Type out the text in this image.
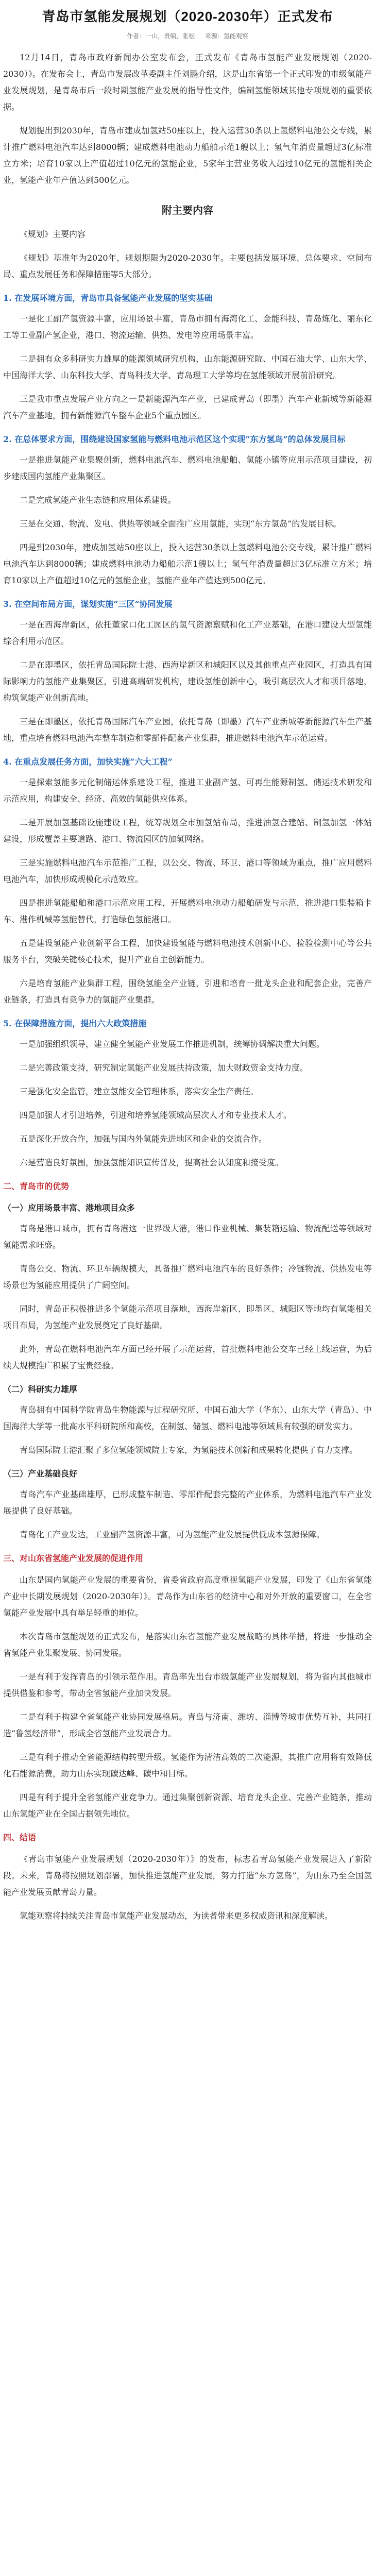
青岛市氢能发展规划（2020-2030年）正式发布
作者：一山，贵编，张松 来源：氢能观察

12月14日，青岛市政府新闻办公室发布会，正式发布《青岛市氢能产业发展规划（2020-2030）》。在发布会上，青岛市发展改革委副主任刘鹏介绍，这是山东省第一个正式印发的市级氢能产业发展规划，是青岛市后一段时期氢能产业发展的指导性文件，编制氢能领域其他专项规划的重要依据。

规划提出到2030年，青岛市建成加氢站50座以上，投入运营30条以上氢燃料电池公交专线，累计推广燃料电池汽车达到8000辆；建成燃料电池动力船舶示范1艘以上；氢气年消费量超过3亿标准立方米；培育10家以上产值超过10亿元的氢能企业，5家年主营业务收入超过10亿元的氢能相关企业，氢能产业年产值达到500亿元。

附主要内容

《规划》主要内容

《规划》基准年为2020年，规划期限为2020-2030年。主要包括发展环境、总体要求、空间布局、重点发展任务和保障措施等5大部分。

1. 在发展环境方面，青岛市具备氢能产业发展的坚实基础

一是化工副产氢资源丰富，应用场景丰富，青岛市拥有海湾化工、金能科技、青岛炼化、丽东化工等工业副产氢企业，港口、物流运输、供热、发电等应用场景丰富。

二是拥有众多科研实力雄厚的能源领域研究机构，山东能源研究院、中国石油大学、山东大学、中国海洋大学、山东科技大学、青岛科技大学、青岛理工大学等均在氢能领域开展前沿研究。

三是我市重点发展产业方向之一是新能源汽车产业，已建成青岛（即墨）汽车产业新城等新能源汽车产业基地，拥有新能源汽车整车企业5个重点园区。

2. 在总体要求方面，围绕建设国家氢能与燃料电池示范区这个实现“东方氢岛”的总体发展目标

一是推进氢能产业集聚创新，燃料电池汽车、燃料电池船舶、氢能小镇等应用示范项目建设，初步建成国内氢能产业集聚区。

二是完成氢能产业生态链和应用体系建设。

三是在交通、物流、发电、供热等领域全面推广应用氢能，实现“东方氢岛”的发展目标。

四是到2030年，建成加氢站50座以上，投入运营30条以上氢燃料电池公交专线，累计推广燃料电池汽车达到8000辆；建成燃料电池动力船舶示范1艘以上；氢气年消费量超过3亿标准立方米；培育10家以上产值超过10亿元的氢能企业，氢能产业年产值达到500亿元。

3. 在空间布局方面，谋划实施“三区”协同发展

一是在西海岸新区，依托董家口化工园区的氢气资源禀赋和化工产业基础，在港口建设大型氢能综合利用示范区。

二是在即墨区，依托青岛国际院士港、西海岸新区和城阳区以及其他重点产业园区，打造具有国际影响力的氢能产业集聚区，引进高端研发机构，建设氢能创新中心，吸引高层次人才和项目落地，构筑氢能产业创新高地。

三是在即墨区，依托青岛国际汽车产业园，依托青岛（即墨）汽车产业新城等新能源汽车生产基地，重点培育燃料电池汽车整车制造和零部件配套产业集群，推进燃料电池汽车示范运营。

4. 在重点发展任务方面，加快实施“六大工程”

一是探索氢能多元化制储运体系建设工程，推进工业副产氢、可再生能源制氢、储运技术研发和示范应用，构建安全、经济、高效的氢能供应体系。

二是开展加氢基础设施建设工程，统筹规划全市加氢站布局，推进油氢合建站、制氢加氢一体站建设，形成覆盖主要道路、港口、物流园区的加氢网络。

三是实施燃料电池汽车示范推广工程，以公交、物流、环卫、港口等领域为重点，推广应用燃料电池汽车，加快形成规模化示范效应。

四是推进氢能船舶和港口示范应用工程，开展燃料电池动力船舶研发与示范，推进港口集装箱卡车、港作机械等氢能替代，打造绿色氢能港口。

五是建设氢能产业创新平台工程，加快建设氢能与燃料电池技术创新中心、检验检测中心等公共服务平台，突破关键核心技术，提升产业自主创新能力。

六是培育氢能产业集群工程，围绕氢能全产业链，引进和培育一批龙头企业和配套企业，完善产业链条，打造具有竞争力的氢能产业集群。

5. 在保障措施方面，提出六大政策措施

一是加强组织领导，建立健全氢能产业发展工作推进机制，统筹协调解决重大问题。

二是完善政策支持，研究制定氢能产业发展扶持政策，加大财政资金支持力度。

三是强化安全监管，建立氢能安全管理体系，落实安全生产责任。

四是加强人才引进培养，引进和培养氢能领域高层次人才和专业技术人才。

五是深化开放合作，加强与国内外氢能先进地区和企业的交流合作。

六是营造良好氛围，加强氢能知识宣传普及，提高社会认知度和接受度。

二、青岛市的优势
（一）应用场景丰富、港地项目众多

青岛是港口城市，拥有青岛港这一世界级大港，港口作业机械、集装箱运输、物流配送等领域对氢能需求旺盛。

青岛公交、物流、环卫车辆规模大，具备推广燃料电池汽车的良好条件；冷链物流、供热发电等场景也为氢能应用提供了广阔空间。

同时，青岛正积极推进多个氢能示范项目落地，西海岸新区、即墨区、城阳区等地均有氢能相关项目布局，为氢能产业发展奠定了良好基础。

此外，青岛在燃料电池汽车方面已经开展了示范运营，首批燃料电池公交车已经上线运营，为后续大规模推广积累了宝贵经验。

（二）科研实力雄厚

青岛拥有中国科学院青岛生物能源与过程研究所、中国石油大学（华东）、山东大学（青岛）、中国海洋大学等一批高水平科研院所和高校，在制氢、储氢、燃料电池等领域具有较强的研发实力。

青岛国际院士港汇聚了多位氢能领域院士专家，为氢能技术创新和成果转化提供了有力支撑。

（三）产业基础良好

青岛汽车产业基础雄厚，已形成整车制造、零部件配套完整的产业体系，为燃料电池汽车产业发展提供了良好基础。

青岛化工产业发达，工业副产氢资源丰富，可为氢能产业发展提供低成本氢源保障。

三、对山东省氢能产业发展的促进作用

山东是国内氢能产业发展的重要省份，省委省政府高度重视氢能产业发展，印发了《山东省氢能产业中长期发展规划（2020-2030年）》。青岛作为山东省的经济中心和对外开放的重要窗口，在全省氢能产业发展中具有举足轻重的地位。

本次青岛市氢能规划的正式发布，是落实山东省氢能产业发展战略的具体举措，将进一步推动全省氢能产业集聚发展、协同发展。

一是有利于发挥青岛的引领示范作用。青岛率先出台市级氢能产业发展规划，将为省内其他城市提供借鉴和参考，带动全省氢能产业加快发展。

二是有利于构建全省氢能产业协同发展格局。青岛与济南、潍坊、淄博等城市优势互补，共同打造“鲁氢经济带”，形成全省氢能产业发展合力。

三是有利于推动全省能源结构转型升级。氢能作为清洁高效的二次能源，其推广应用将有效降低化石能源消费，助力山东实现碳达峰、碳中和目标。

四是有利于提升全省氢能产业竞争力。通过集聚创新资源、培育龙头企业、完善产业链条，推动山东氢能产业在全国占据领先地位。

四、结语

《青岛市氢能产业发展规划（2020-2030年）》的发布，标志着青岛氢能产业发展进入了新阶段。未来，青岛将按照规划部署，加快推进氢能产业发展，努力打造“东方氢岛”，为山东乃至全国氢能产业发展贡献青岛力量。

氢能观察将持续关注青岛市氢能产业发展动态，为读者带来更多权威资讯和深度解读。
